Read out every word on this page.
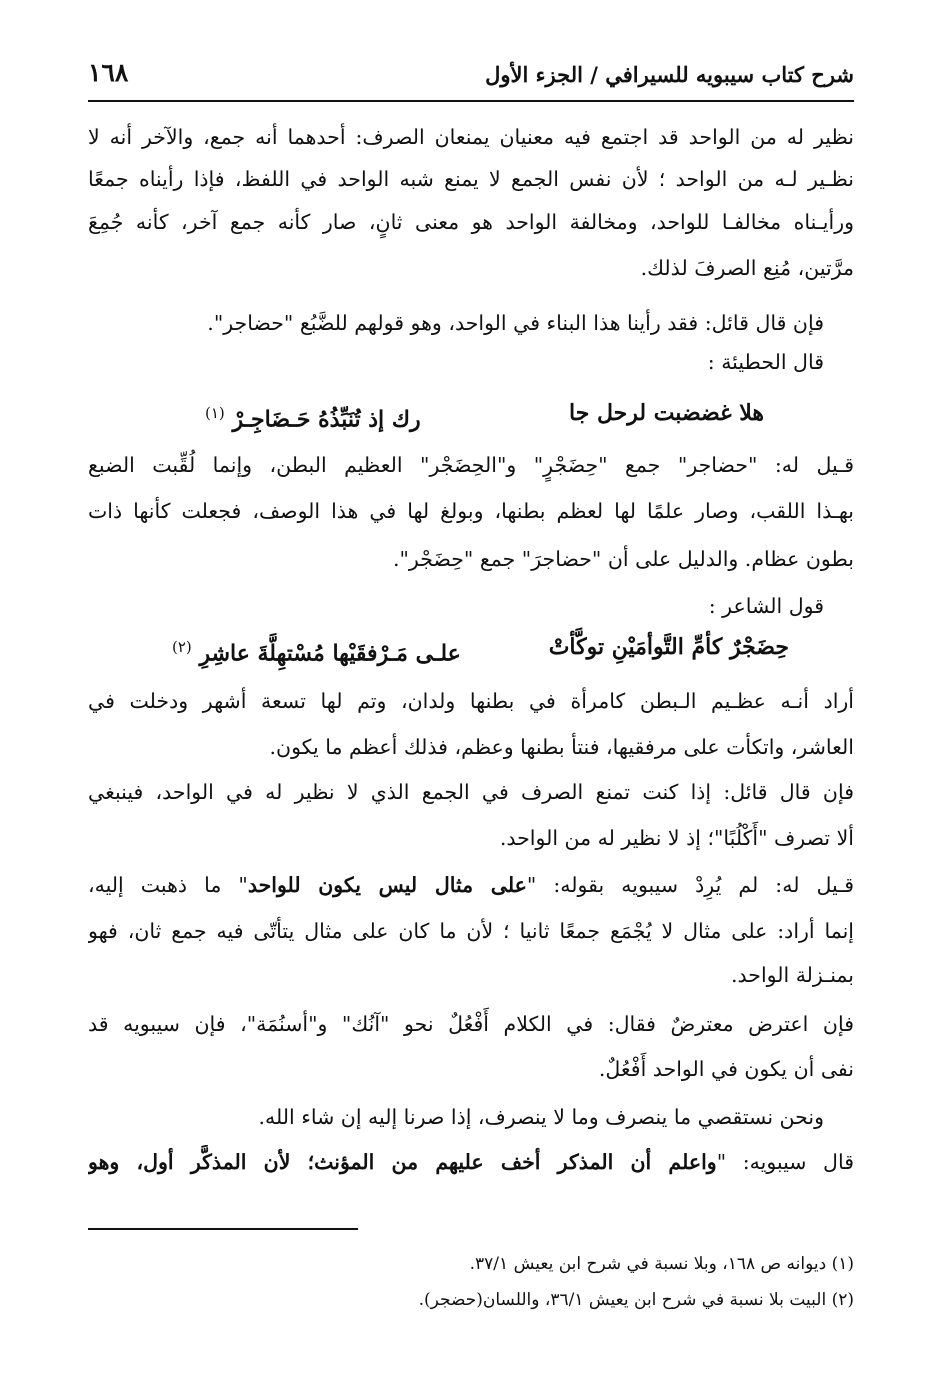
شرح كتاب سيبويه للسيرافي / الجزء الأول
١٦٨
نظير له من الواحد قد اجتمع فيه معنيان يمنعان الصرف: أحدهما أنه جمع، والآخر أنه لا
نظـير لـه من الواحد ؛ لأن نفس الجمع لا يمنع شبه الواحد في اللفظ، فإذا رأيناه جمعًا
ورأيـناه مخالفـا للواحد، ومخالفة الواحد هو معنى ثانٍ، صار كأنه جمع آخر، كأنه جُمِعَ
مرَّتين، مُنِع الصرفَ لذلك.
فإن قال قائل: فقد رأينا هذا البناء في الواحد، وهو قولهم للضَّبُع "حضاجر".
قال الحطيئة :
هلا غضضبت لرحل جا
رك إذ تُنَبِّذُهُ حَـضَاجِـرْ $^{(١)}$
قـيل له: "حضاجر" جمع "حِضَجْرٍ" و"الحِضَجْر" العظيم البطن، وإنما لُقِّبت الضبع
بهـذا اللقب، وصار علمًا لها لعظم بطنها، وبولغ لها في هذا الوصف، فجعلت كأنها ذات
بطون عظام. والدليل على أن "حضاجرَ" جمع "حِضَجْر".
قول الشاعر :
حِضَجْرٌ كأمِّ التَّوأمَيْنِ توكَّأتْ
علـى مَـرْفقَيْها مُسْتهِلَّةَ عاشِرِ $^{(٢)}$
أراد أنـه عظـيم الـبطن كامرأة في بطنها ولدان، وتم لها تسعة أشهر ودخلت في
العاشر، واتكأت على مرفقيها، فنتأ بطنها وعظم، فذلك أعظم ما يكون.
فإن قال قائل: إذا كنت تمنع الصرف في الجمع الذي لا نظير له في الواحد، فينبغي
ألا تصرف "أَكْلُبًا"؛ إذ لا نظير له من الواحد.
قـيل له: لم يُرِدْ سيبويه بقوله: "على مثال ليس يكون للواحد" ما ذهبت إليه،
إنما أراد: على مثال لا يُجْمَع جمعًا ثانيا ؛ لأن ما كان على مثال يتأتّى فيه جمع ثان، فهو
بمنـزلة الواحد.
فإن اعترض معترضٌ فقال: في الكلام أَفْعُلٌ نحو "آنُك" و"أسنُمَة"، فإن سيبويه قد
نفى أن يكون في الواحد أَفْعُلٌ.
ونحن نستقصي ما ينصرف وما لا ينصرف، إذا صرنا إليه إن شاء الله.
قال سيبويه: "واعلم أن المذكر أخف عليهم من المؤنث؛ لأن المذكَّر أول، وهو
(١) ديوانه ص ١٦٨، وبلا نسبة في شرح ابن يعيش ٣٧/١.
(٢) البيت بلا نسبة في شرح ابن يعيش ٣٦/١، واللسان(حضجر).
